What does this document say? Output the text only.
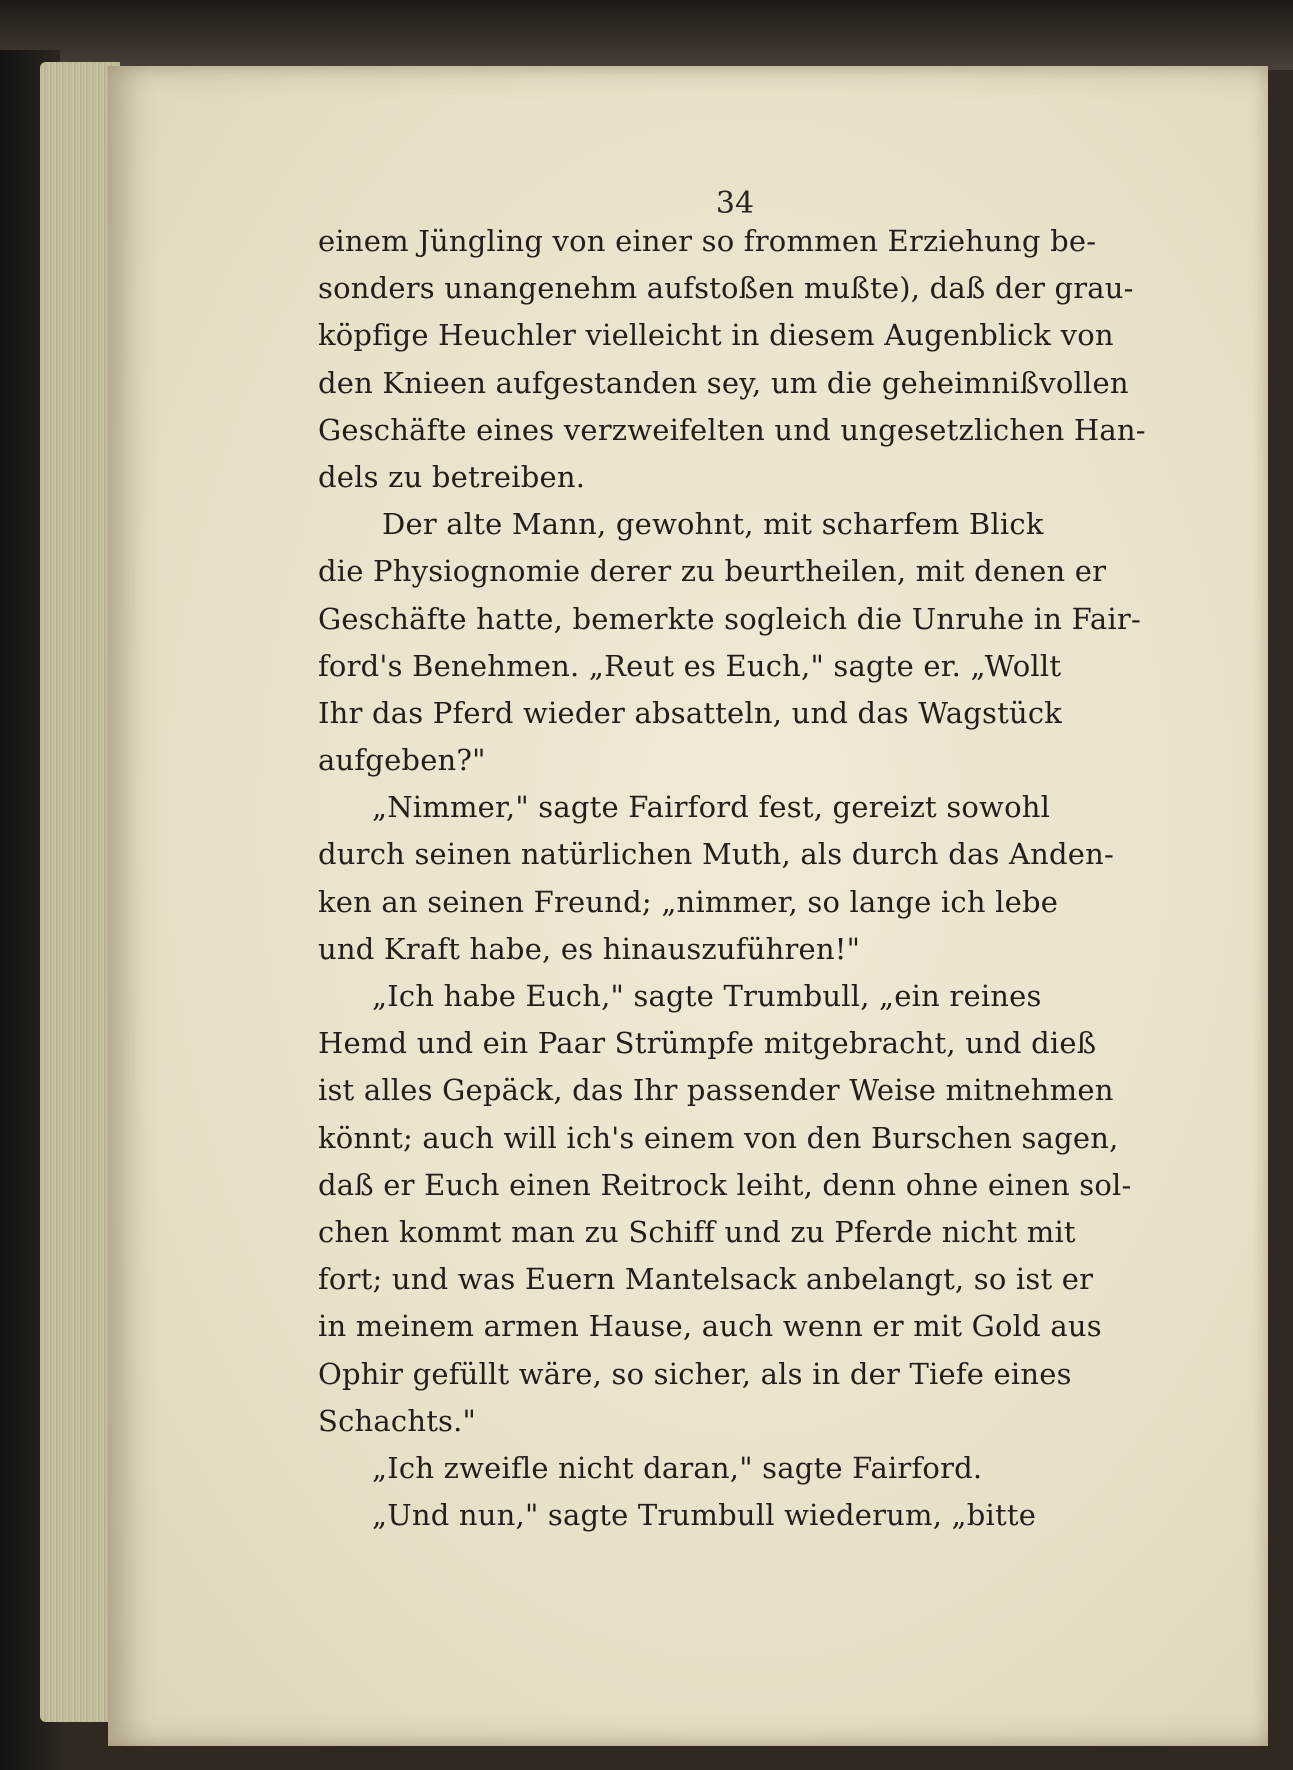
34
einem Jüngling von einer so frommen Erziehung be-
sonders unangenehm aufstoßen mußte), daß der grau-
köpfige Heuchler vielleicht in diesem Augenblick von
den Knieen aufgestanden sey, um die geheimnißvollen
Geschäfte eines verzweifelten und ungesetzlichen Han-
dels zu betreiben.
Der alte Mann, gewohnt, mit scharfem Blick
die Physiognomie derer zu beurtheilen, mit denen er
Geschäfte hatte, bemerkte sogleich die Unruhe in Fair-
ford's Benehmen. „Reut es Euch," sagte er. „Wollt
Ihr das Pferd wieder absatteln, und das Wagstück
aufgeben?"
„Nimmer," sagte Fairford fest, gereizt sowohl
durch seinen natürlichen Muth, als durch das Anden-
ken an seinen Freund; „nimmer, so lange ich lebe
und Kraft habe, es hinauszuführen!"
„Ich habe Euch," sagte Trumbull, „ein reines
Hemd und ein Paar Strümpfe mitgebracht, und dieß
ist alles Gepäck, das Ihr passender Weise mitnehmen
könnt; auch will ich's einem von den Burschen sagen,
daß er Euch einen Reitrock leiht, denn ohne einen sol-
chen kommt man zu Schiff und zu Pferde nicht mit
fort; und was Euern Mantelsack anbelangt, so ist er
in meinem armen Hause, auch wenn er mit Gold aus
Ophir gefüllt wäre, so sicher, als in der Tiefe eines
Schachts."
„Ich zweifle nicht daran," sagte Fairford.
„Und nun," sagte Trumbull wiederum, „bitte
